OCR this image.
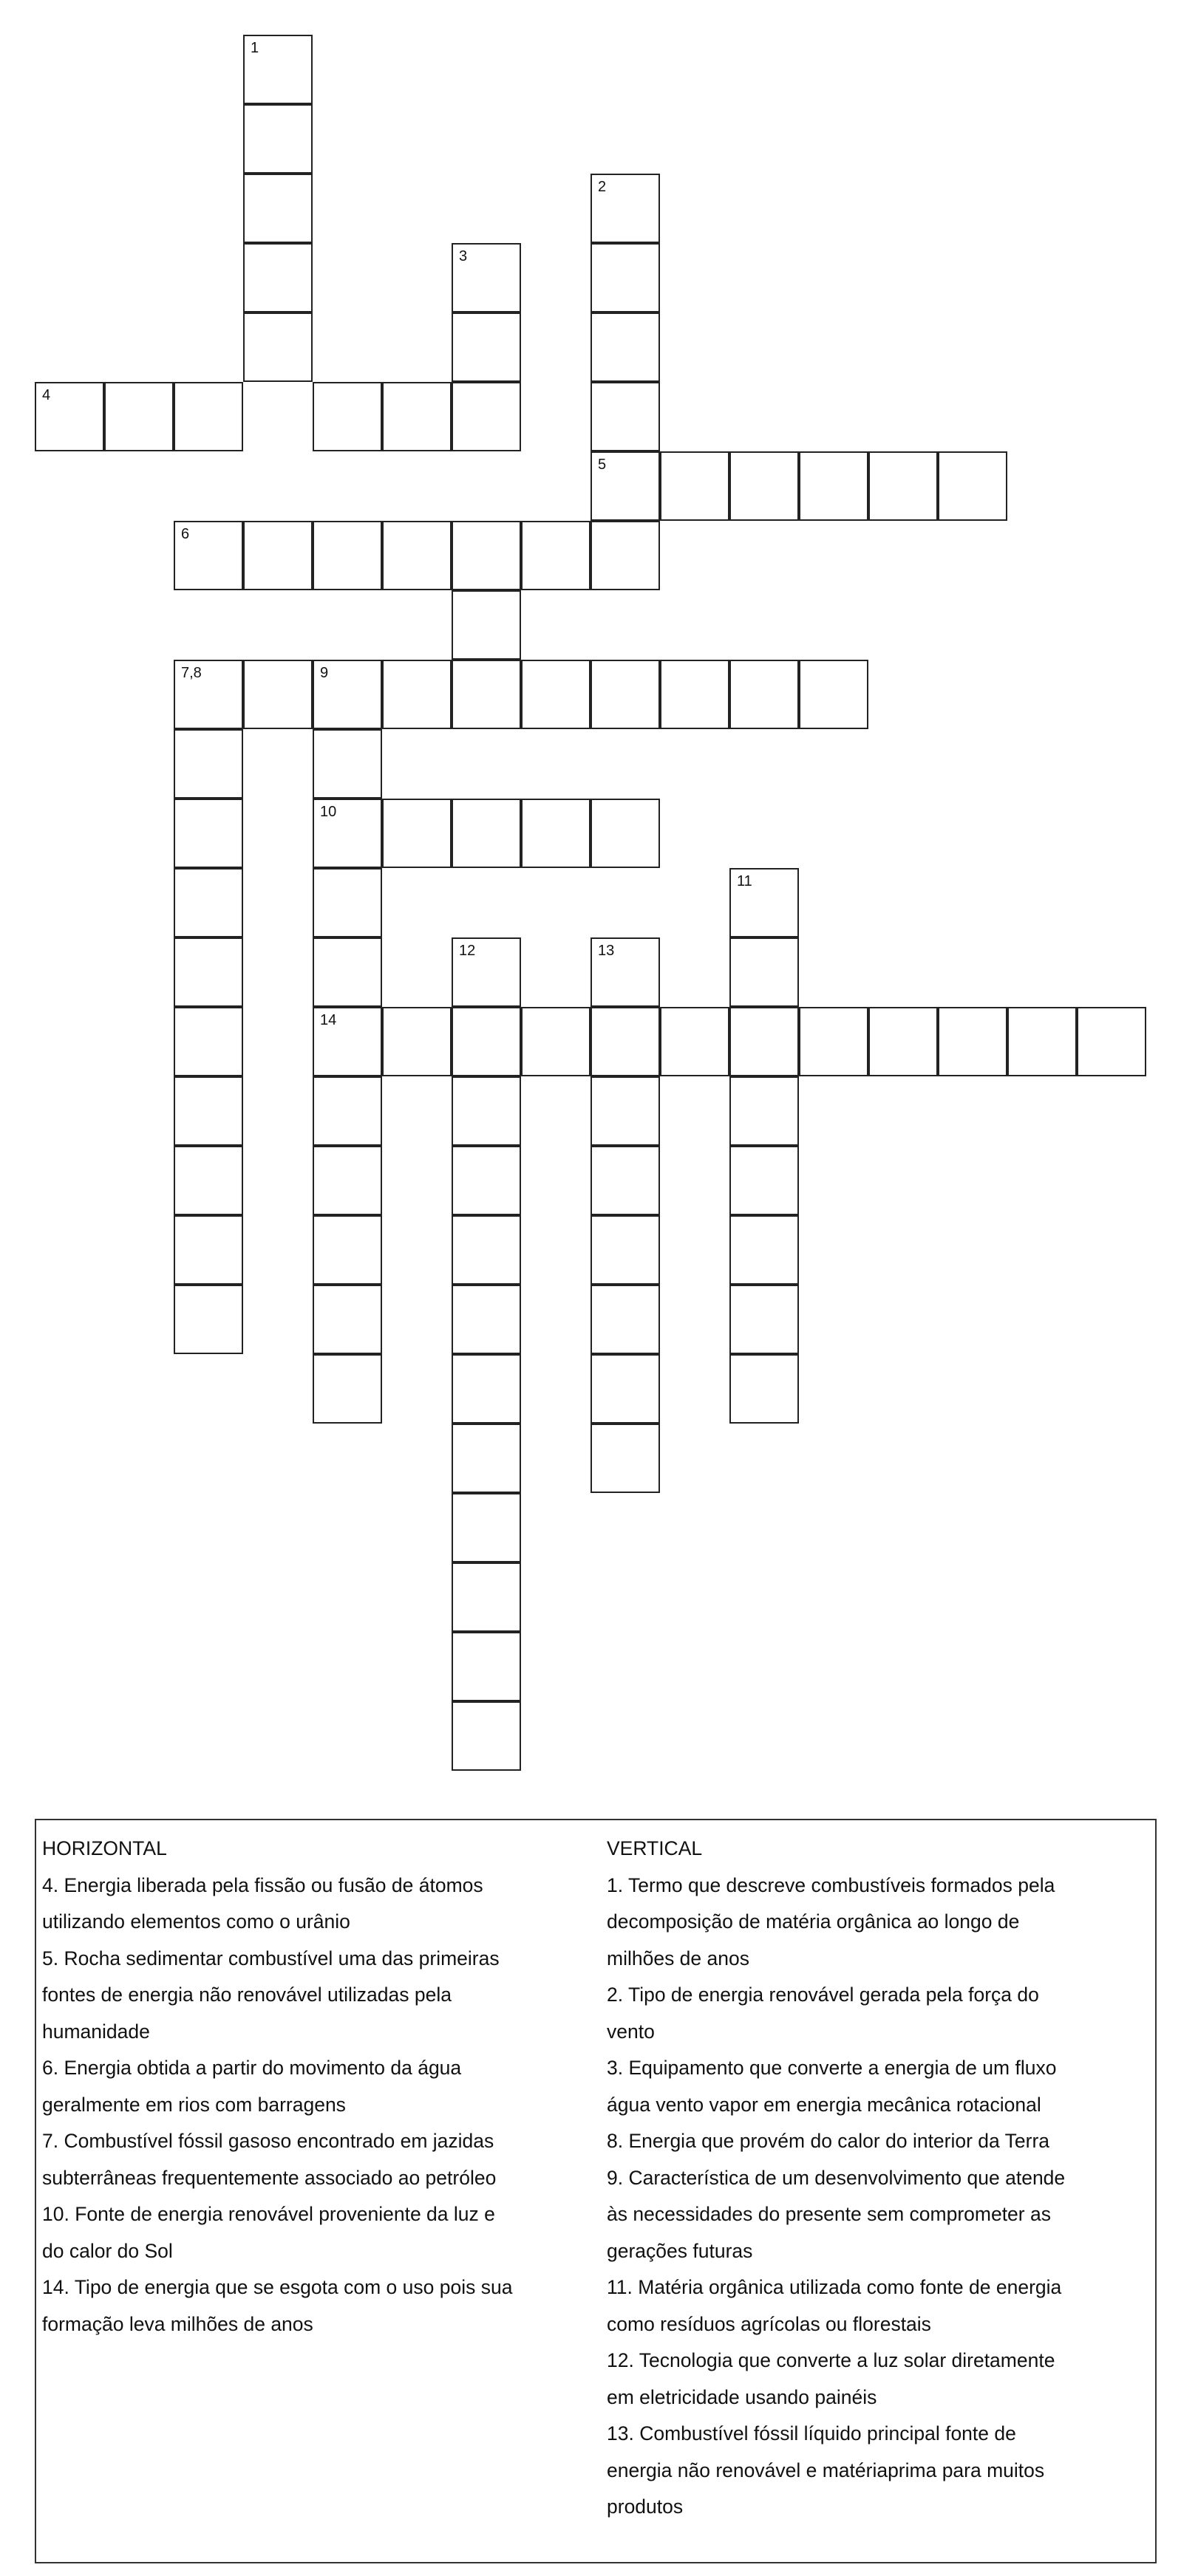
1
2
3
4
5
6
7,8	9
10
14
11
12	13

HORIZONTAL

4. Energia liberada pela fissão ou fusão de átomos

utilizando elementos como o urânio

5. Rocha sedimentar combustível uma das primeiras

fontes de energia não renovável utilizadas pela

humanidade

6. Energia obtida a partir do movimento da água

geralmente em rios com barragens

7. Combustível fóssil gasoso encontrado em jazidas

subterrâneas frequentemente associado ao petróleo

10. Fonte de energia renovável proveniente da luz e

do calor do Sol

14. Tipo de energia que se esgota com o uso pois sua

formação leva milhões de anos

VERTICAL

1. Termo que descreve combustíveis formados pela

decomposição de matéria orgânica ao longo de

milhões de anos

2. Tipo de energia renovável gerada pela força do

vento

3. Equipamento que converte a energia de um fluxo

água vento vapor em energia mecânica rotacional

8. Energia que provém do calor do interior da Terra

9. Característica de um desenvolvimento que atende

às necessidades do presente sem comprometer as

gerações futuras

11. Matéria orgânica utilizada como fonte de energia

como resíduos agrícolas ou florestais

12. Tecnologia que converte a luz solar diretamente

em eletricidade usando painéis

13. Combustível fóssil líquido principal fonte de

energia não renovável e matériaprima para muitos

produtos
